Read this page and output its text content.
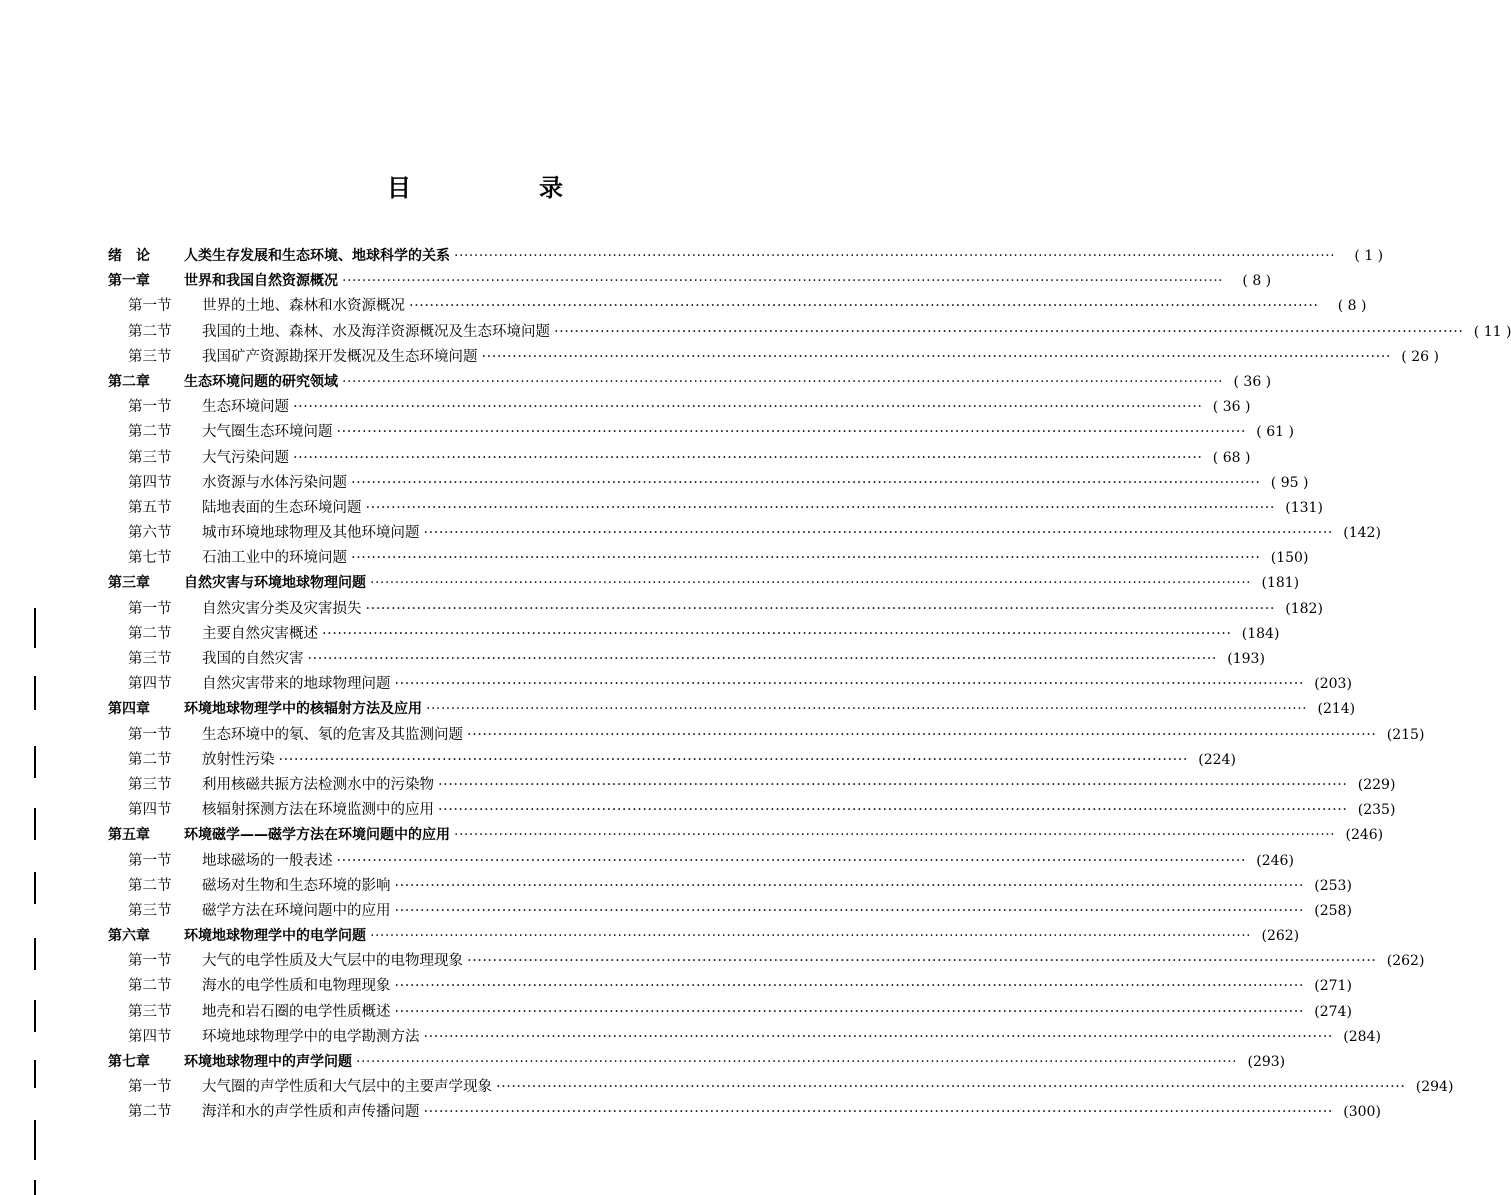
目　录
绪　论	人类生存发展和生态环境、地球科学的关系 ·····	( 1 )
第一章	世界和我国自然资源概况 ·····	( 8 )
第一节	世界的土地、森林和水资源概况 ·····	( 8 )
第二节	我国的土地、森林、水及海洋资源概况及生态环境问题 ·····	( 11 )
第三节	我国矿产资源勘探开发概况及生态环境问题 ·····	( 26 )
第二章	生态环境问题的研究领域 ·····	( 36 )
第一节	生态环境问题 ·····	( 36 )
第二节	大气圈生态环境问题 ·····	( 61 )
第三节	大气污染问题 ·····	( 68 )
第四节	水资源与水体污染问题 ·····	( 95 )
第五节	陆地表面的生态环境问题 ·····	(131)
第六节	城市环境地球物理及其他环境问题 ·····	(142)
第七节	石油工业中的环境问题 ·····	(150)
第三章	自然灾害与环境地球物理问题 ·····	(181)
第一节	自然灾害分类及灾害损失 ·····	(182)
第二节	主要自然灾害概述 ·····	(184)
第三节	我国的自然灾害 ·····	(193)
第四节	自然灾害带来的地球物理问题 ·····	(203)
第四章	环境地球物理学中的核辐射方法及应用 ·····	(214)
第一节	生态环境中的氡、氡的危害及其监测问题 ·····	(215)
第二节	放射性污染 ·····	(224)
第三节	利用核磁共振方法检测水中的污染物 ·····	(229)
第四节	核辐射探测方法在环境监测中的应用 ·····	(235)
第五章	环境磁学——磁学方法在环境问题中的应用 ·····	(246)
第一节	地球磁场的一般表述 ·····	(246)
第二节	磁场对生物和生态环境的影响 ·····	(253)
第三节	磁学方法在环境问题中的应用 ·····	(258)
第六章	环境地球物理学中的电学问题 ·····	(262)
第一节	大气的电学性质及大气层中的电物理现象 ·····	(262)
第二节	海水的电学性质和电物理现象 ·····	(271)
第三节	地壳和岩石圈的电学性质概述 ·····	(274)
第四节	环境地球物理学中的电学勘测方法 ·····	(284)
第七章	环境地球物理中的声学问题 ·····	(293)
第一节	大气圈的声学性质和大气层中的主要声学现象 ·····	(294)
第二节	海洋和水的声学性质和声传播问题 ·····	(300)
